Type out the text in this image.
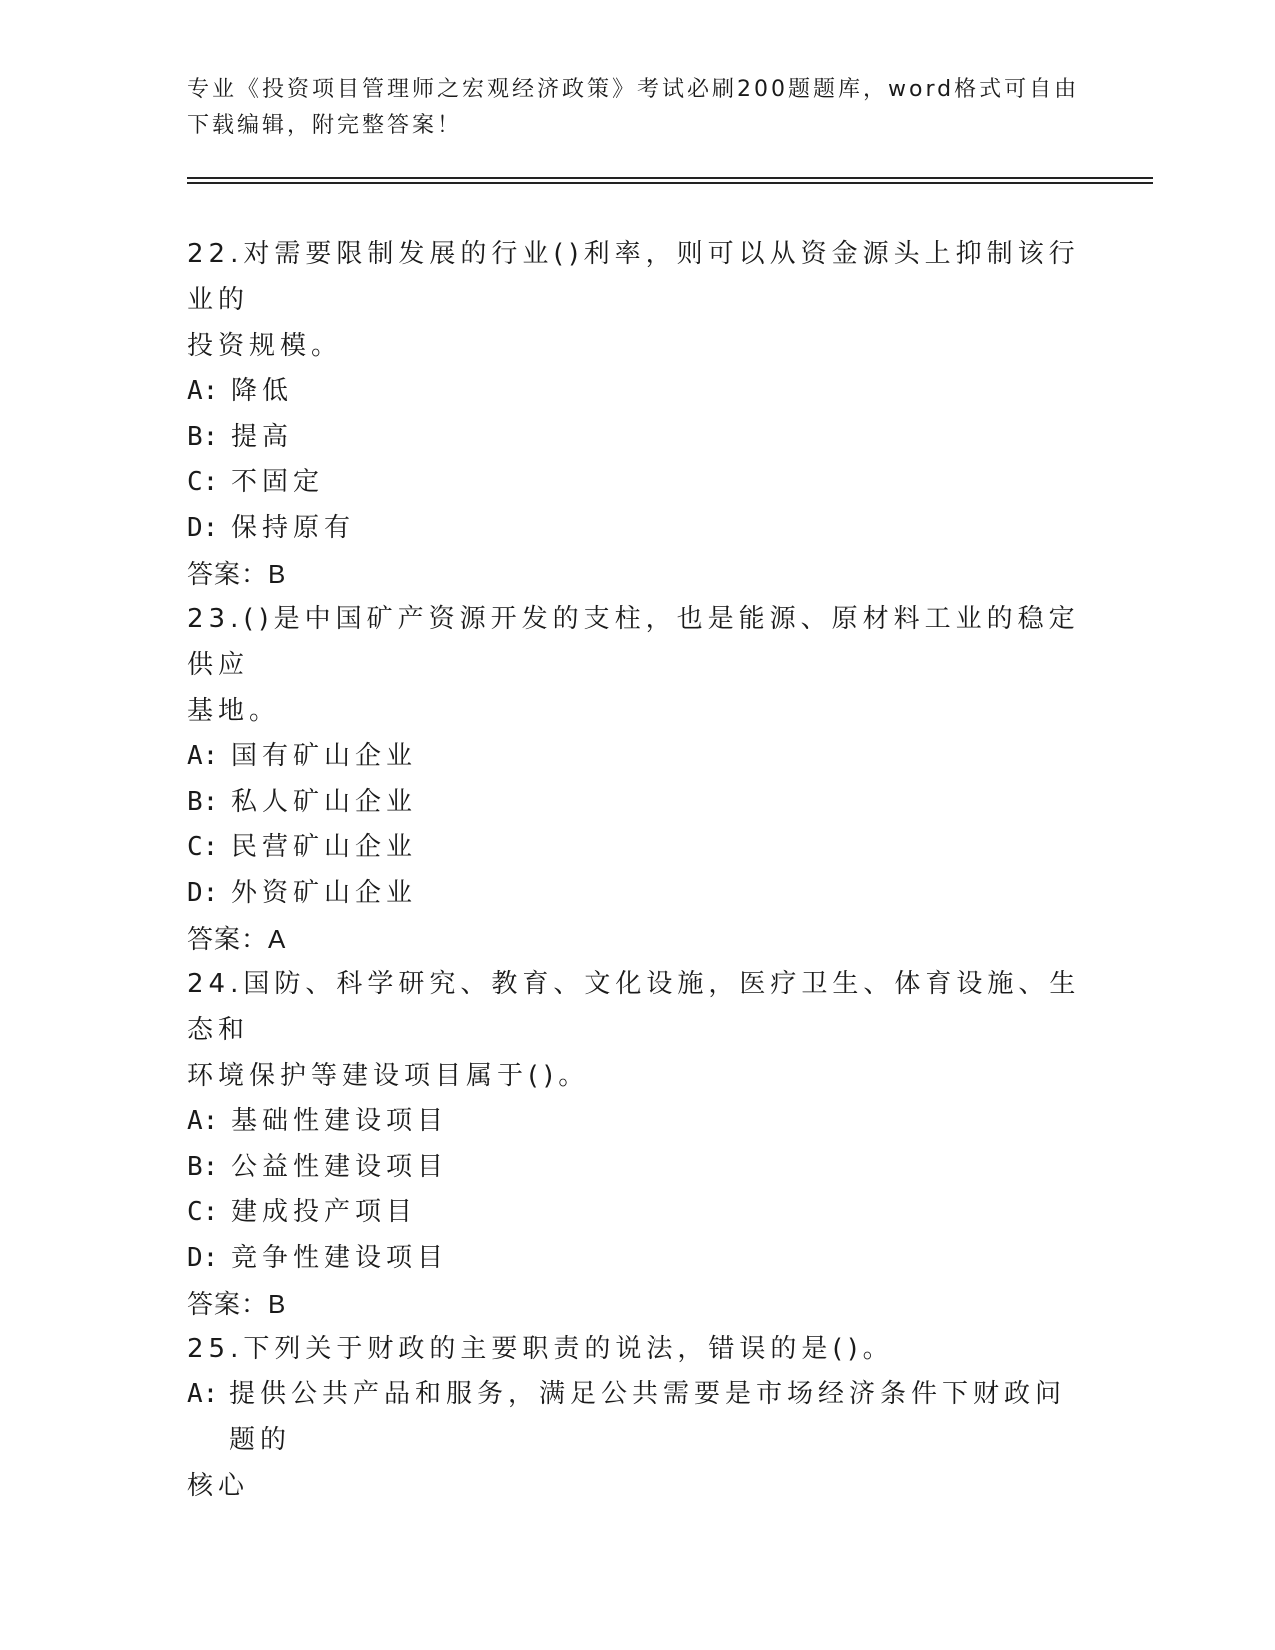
专业《投资项目管理师之宏观经济政策》考试必刷200题题库，word格式可自由
下载编辑，附完整答案！
22.对需要限制发展的行业()利率，则可以从资金源头上抑制该行业的
投资规模。
A: 降低
B: 提高
C: 不固定
D: 保持原有
答案：B
23.()是中国矿产资源开发的支柱，也是能源、原材料工业的稳定供应
基地。
A: 国有矿山企业
B: 私人矿山企业
C: 民营矿山企业
D: 外资矿山企业
答案：A
24.国防、科学研究、教育、文化设施，医疗卫生、体育设施、生态和
环境保护等建设项目属于()。
A: 基础性建设项目
B: 公益性建设项目
C: 建成投产项目
D: 竞争性建设项目
答案：B
25.下列关于财政的主要职责的说法，错误的是()。
A: 提供公共产品和服务，满足公共需要是市场经济条件下财政问题的
核心
